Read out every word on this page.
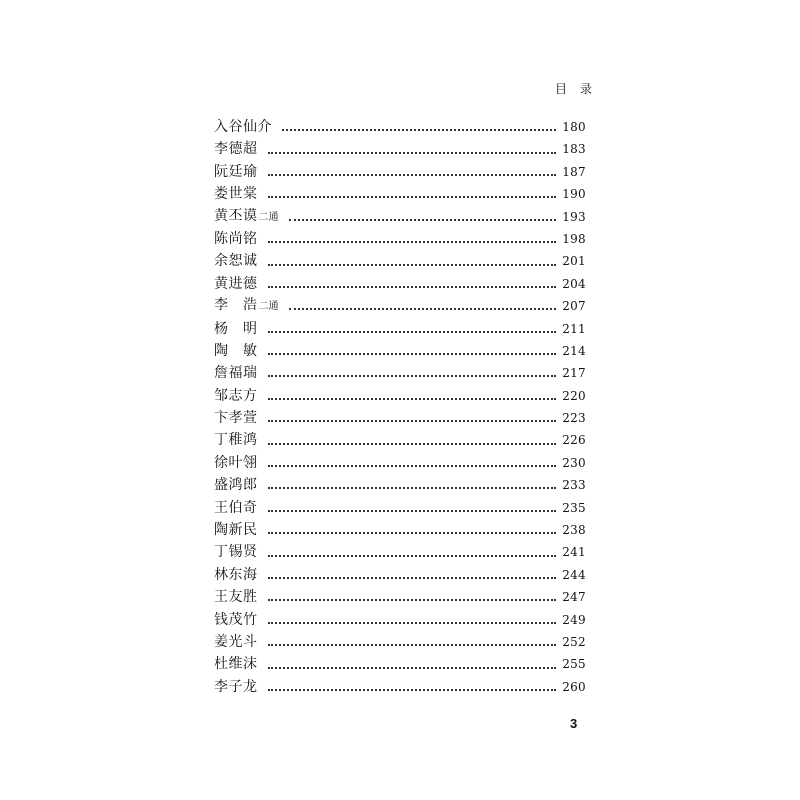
目 录
入谷仙介	180
李德超	183
阮廷瑜	187
娄世棠	190
黄丕谟 二通	193
陈尚铭	198
余恕诚	201
黄进德	204
李　浩 二通	207
杨　明	211
陶　敏	214
詹福瑞	217
邹志方	220
卞孝萱	223
丁稚鸿	226
徐叶翎	230
盛鸿郎	233
王伯奇	235
陶新民	238
丁锡贤	241
林东海	244
王友胜	247
钱茂竹	249
姜光斗	252
杜维沫	255
李子龙	260
3
